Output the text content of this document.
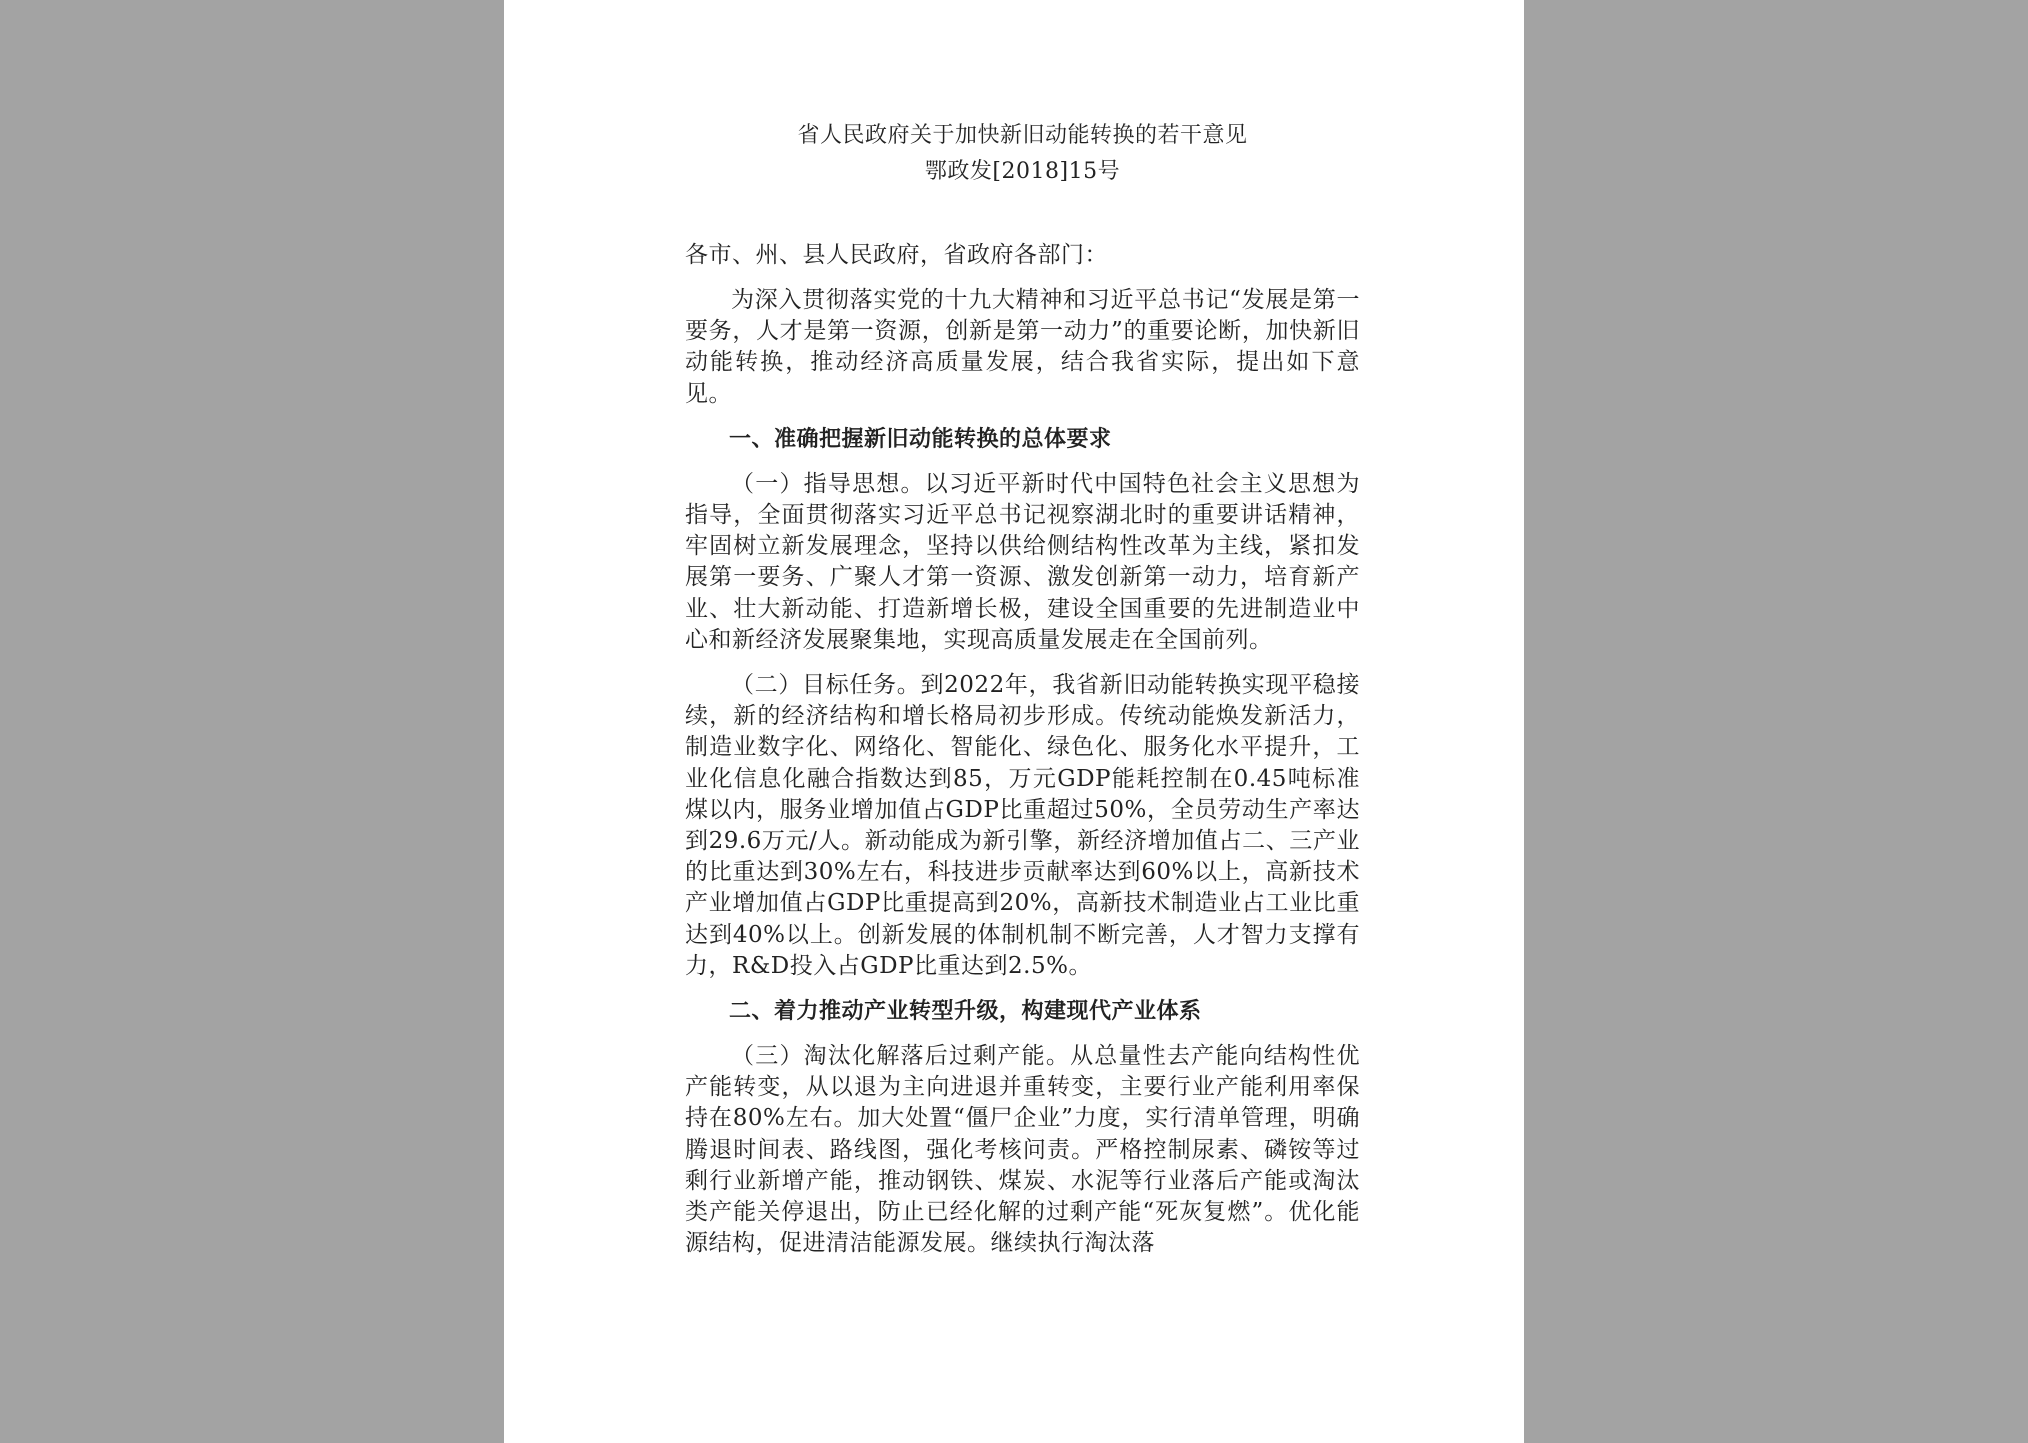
省人民政府关于加快新旧动能转换的若干意见
鄂政发[2018]15号

各市、州、县人民政府，省政府各部门：

为深入贯彻落实党的十九大精神和习近平总书记“发展是第一要务，人才是第一资源，创新是第一动力”的重要论断，加快新旧动能转换，推动经济高质量发展，结合我省实际，提出如下意见。

一、准确把握新旧动能转换的总体要求

（一）指导思想。以习近平新时代中国特色社会主义思想为指导，全面贯彻落实习近平总书记视察湖北时的重要讲话精神，牢固树立新发展理念，坚持以供给侧结构性改革为主线，紧扣发展第一要务、广聚人才第一资源、激发创新第一动力，培育新产业、壮大新动能、打造新增长极，建设全国重要的先进制造业中心和新经济发展聚集地，实现高质量发展走在全国前列。

（二）目标任务。到2022年，我省新旧动能转换实现平稳接续，新的经济结构和增长格局初步形成。传统动能焕发新活力，制造业数字化、网络化、智能化、绿色化、服务化水平提升，工业化信息化融合指数达到85，万元GDP能耗控制在0.45吨标准煤以内，服务业增加值占GDP比重超过50%，全员劳动生产率达到29.6万元/人。新动能成为新引擎，新经济增加值占二、三产业的比重达到30%左右，科技进步贡献率达到60%以上，高新技术产业增加值占GDP比重提高到20%，高新技术制造业占工业比重达到40%以上。创新发展的体制机制不断完善，人才智力支撑有力，R&D投入占GDP比重达到2.5%。

二、着力推动产业转型升级，构建现代产业体系

（三）淘汰化解落后过剩产能。从总量性去产能向结构性优产能转变，从以退为主向进退并重转变，主要行业产能利用率保持在80%左右。加大处置“僵尸企业”力度，实行清单管理，明确腾退时间表、路线图，强化考核问责。严格控制尿素、磷铵等过剩行业新增产能，推动钢铁、煤炭、水泥等行业落后产能或淘汰类产能关停退出，防止已经化解的过剩产能“死灰复燃”。优化能源结构，促进清洁能源发展。继续执行淘汰落
